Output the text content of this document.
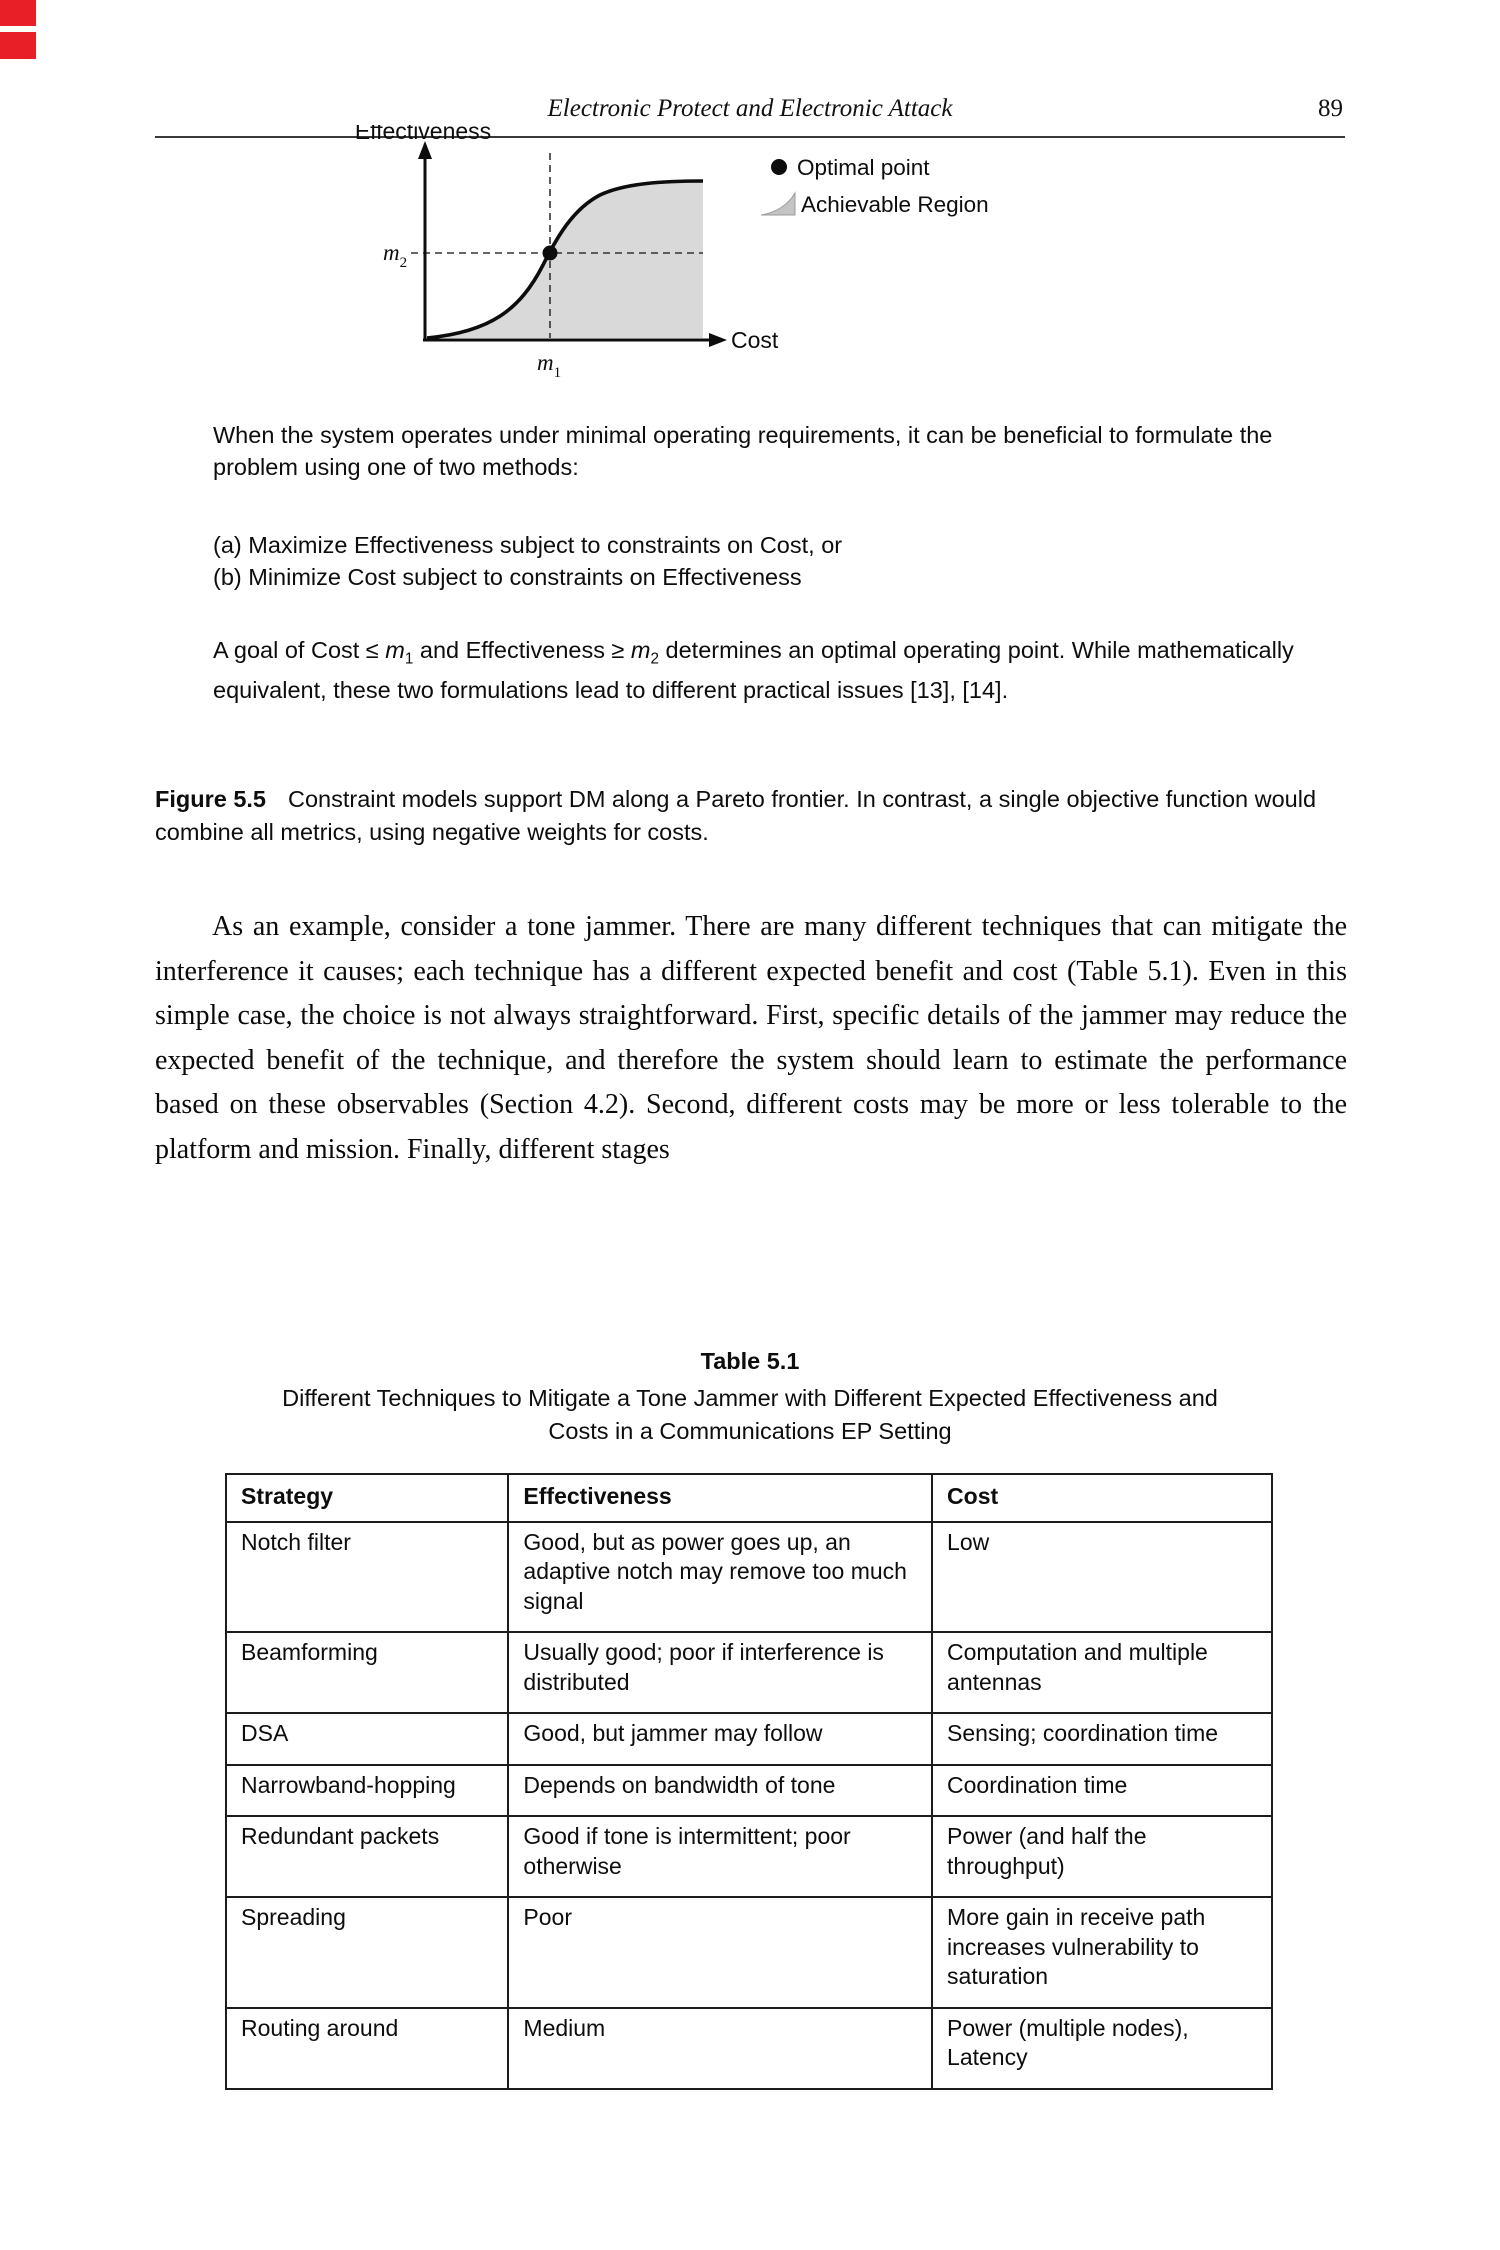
Electronic Protect and Electronic Attack	89
Effectiveness
Cost
$m_2$
$m_1$
Optimal point
Achievable Region

When the system operates under minimal operating requirements, it can be beneficial to formulate the problem using one of two methods:

(a) Maximize Effectiveness subject to constraints on Cost, or

(b) Minimize Cost subject to constraints on Effectiveness

A goal of Cost ≤ $m_1$ and Effectiveness ≥ $m_2$ determines an optimal operating point. While mathematically equivalent, these two formulations lead to different practical issues [13], [14].

Figure 5.5 Constraint models support DM along a Pareto frontier. In contrast, a single objective function would combine all metrics, using negative weights for costs.

As an example, consider a tone jammer. There are many different techniques that can mitigate the interference it causes; each technique has a different expected benefit and cost (Table 5.1). Even in this simple case, the choice is not always straightforward. First, specific details of the jammer may reduce the expected benefit of the technique, and therefore the system should learn to estimate the performance based on these observables (Section 4.2). Second, different costs may be more or less tolerable to the platform and mission. Finally, different stages

Table 5.1
Different Techniques to Mitigate a Tone Jammer with Different Expected Effectiveness and Costs in a Communications EP Setting
Strategy	Effectiveness	Cost
Notch filter	Good, but as power goes up, an adaptive notch may remove too much signal	Low
Beamforming	Usually good; poor if interference is distributed	Computation and multiple antennas
DSA	Good, but jammer may follow	Sensing; coordination time
Narrowband-hopping	Depends on bandwidth of tone	Coordination time
Redundant packets	Good if tone is intermittent; poor otherwise	Power (and half the throughput)
Spreading	Poor	More gain in receive path increases vulnerability to saturation
Routing around	Medium	Power (multiple nodes), Latency
